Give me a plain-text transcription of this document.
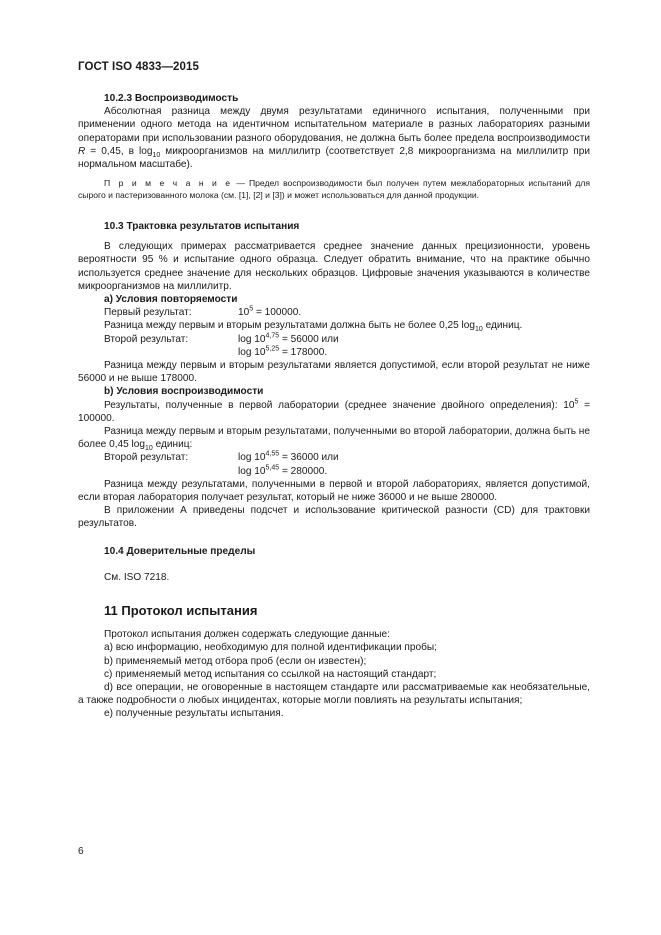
ГОСТ ISO 4833—2015
10.2.3 Воспроизводимость

Абсолютная разница между двумя результатами единичного испытания, полученными при применении одного метода на идентичном испытательном материале в разных лабораториях разными операторами при использовании разного оборудования, не должна быть более предела воспроизводимости R = 0,45, в $\log_{10}$ микроорганизмов на миллилитр (соответствует 2,8 микроорганизма на миллилитр при нормальном масштабе).

П р и м е ч а н и е — Предел воспроизводимости был получен путем межлабораторных испытаний для сырого и пастеризованного молока (см. [1], [2] и [3]) и может использоваться для данной продукции.

10.3 Трактовка результатов испытания

В следующих примерах рассматривается среднее значение данных прецизионности, уровень вероятности 95 % и испытание одного образца. Следует обратить внимание, что на практике обычно используется среднее значение для нескольких образцов. Цифровые значения указываются в количестве микроорганизмов на миллилитр.

a) Условия повторяемости
Первый результат:	$10^5 = 100000$.
Разница между первым и вторым результатами должна быть не более 0,25 $\log_{10}$ единиц.
Второй результат:	$\log 10^{4,75} = 56000$ или
$\log 10^{5,25} = 178000$.

Разница между первым и вторым результатами является допустимой, если второй результат не ниже 56000 и не выше 178000.

b) Условия воспроизводимости

Результаты, полученные в первой лаборатории (среднее значение двойного определения): $10^5 = 100000$.

Разница между первым и вторым результатами, полученными во второй лаборатории, должна быть не более 0,45 $\log_{10}$ единиц:

Второй результат:	$\log 10^{4,55} = 36000$ или
$\log 10^{5,45} = 280000$.

Разница между результатами, полученными в первой и второй лабораториях, является допустимой, если вторая лаборатория получает результат, который не ниже 36000 и не выше 280000.

В приложении А приведены подсчет и использование критической разности (CD) для трактовки результатов.

10.4 Доверительные пределы
См. ISO 7218.
11 Протокол испытания
Протокол испытания должен содержать следующие данные:

a) всю информацию, необходимую для полной идентификации пробы;

b) применяемый метод отбора проб (если он известен);

c) применяемый метод испытания со ссылкой на настоящий стандарт;

d) все операции, не оговоренные в настоящем стандарте или рассматриваемые как необязательные, а также подробности о любых инцидентах, которые могли повлиять на результаты испытания;

e) полученные результаты испытания.

6
